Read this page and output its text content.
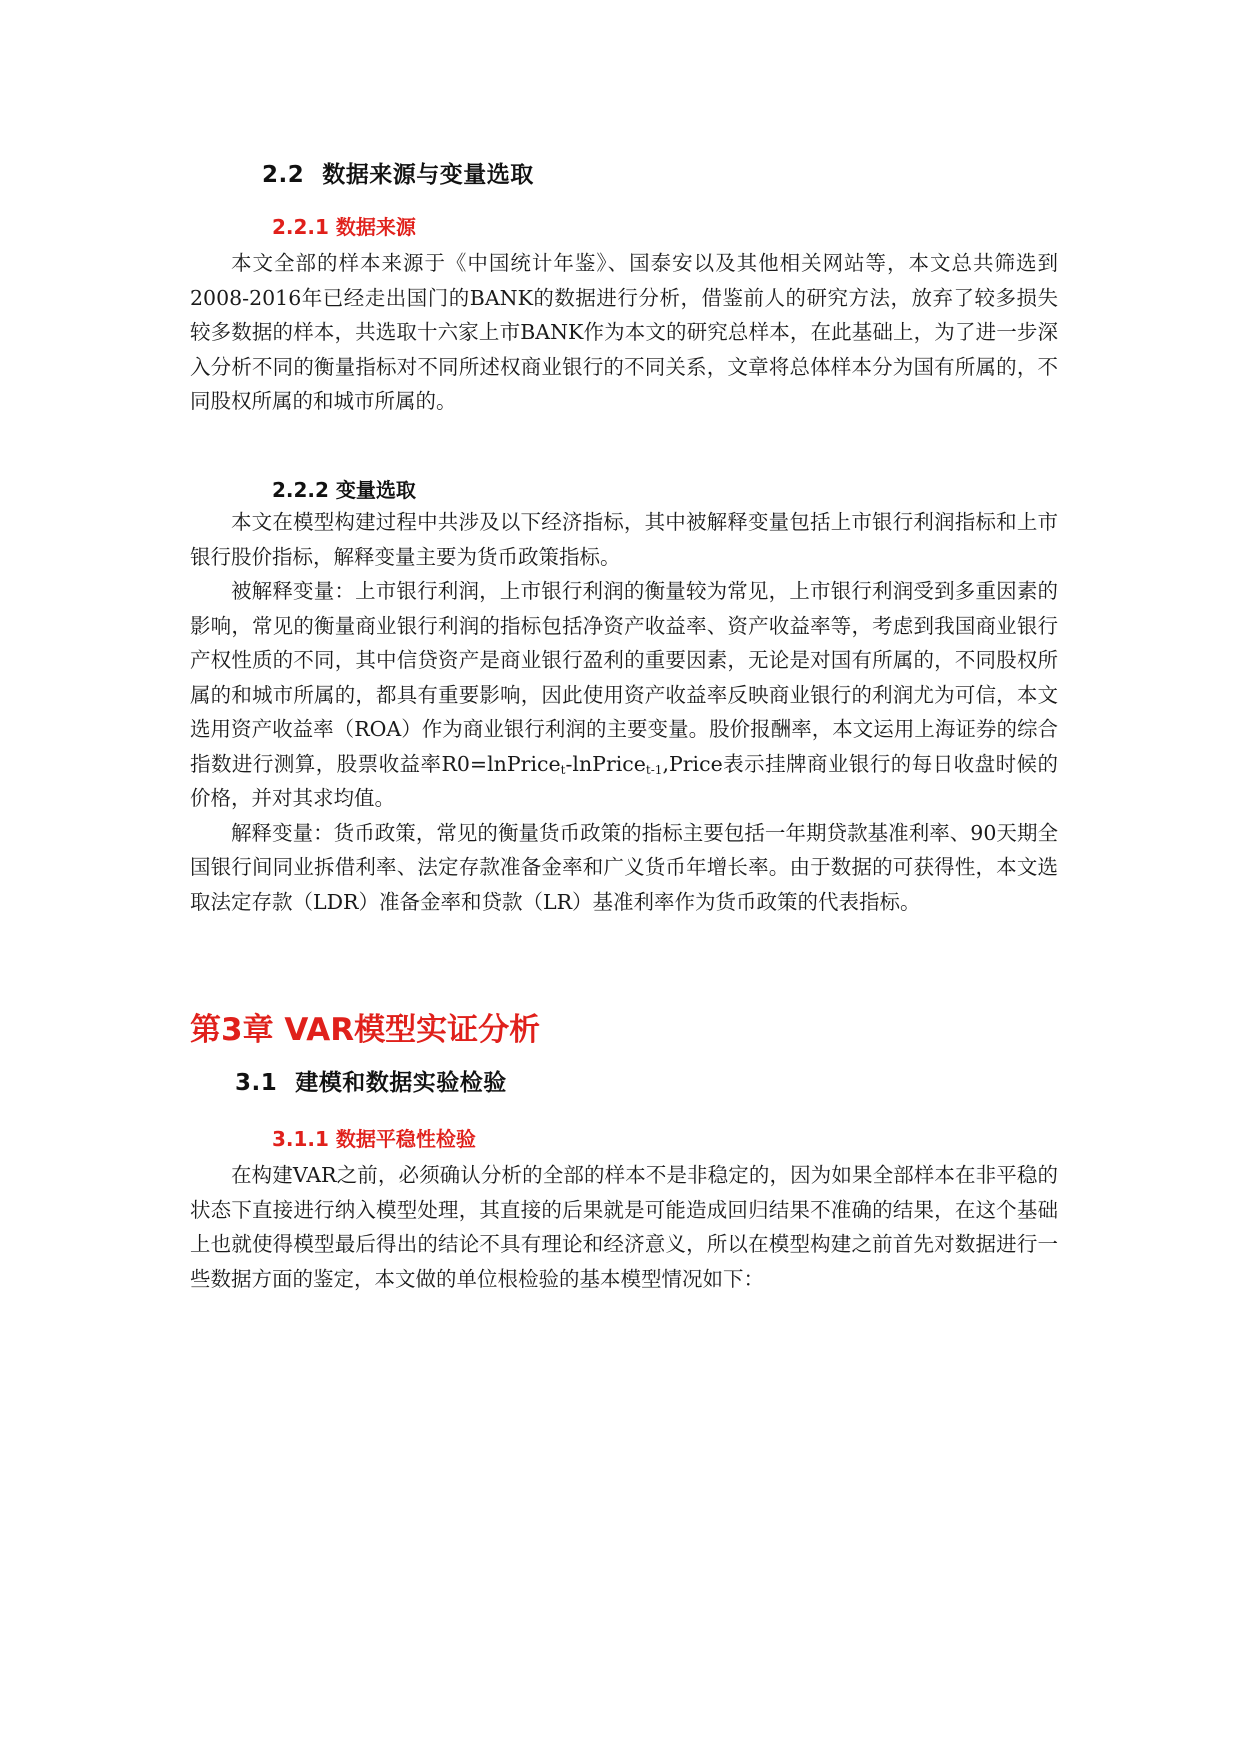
2.2 数据来源与变量选取
2.2.1 数据来源

本文全部的样本来源于《中国统计年鉴》、国泰安以及其他相关网站等，本文总共筛选到2008-2016年已经走出国门的BANK的数据进行分析，借鉴前人的研究方法，放弃了较多损失较多数据的样本，共选取十六家上市BANK作为本文的研究总样本，在此基础上，为了进一步深入分析不同的衡量指标对不同所述权商业银行的不同关系，文章将总体样本分为国有所属的，不同股权所属的和城市所属的。

2.2.2 变量选取

本文在模型构建过程中共涉及以下经济指标，其中被解释变量包括上市银行利润指标和上市银行股价指标，解释变量主要为货币政策指标。

被解释变量：上市银行利润，上市银行利润的衡量较为常见，上市银行利润受到多重因素的影响，常见的衡量商业银行利润的指标包括净资产收益率、资产收益率等，考虑到我国商业银行产权性质的不同，其中信贷资产是商业银行盈利的重要因素，无论是对国有所属的，不同股权所属的和城市所属的，都具有重要影响，因此使用资产收益率反映商业银行的利润尤为可信，本文选用资产收益率（ROA）作为商业银行利润的主要变量。股价报酬率，本文运用上海证券的综合指数进行测算，股票收益率R0=lnPrice$_t$-lnPrice$_{t-1}$,Price表示挂牌商业银行的每日收盘时候的价格，并对其求均值。

解释变量：货币政策，常见的衡量货币政策的指标主要包括一年期贷款基准利率、90天期全国银行间同业拆借利率、法定存款准备金率和广义货币年增长率。由于数据的可获得性，本文选取法定存款（LDR）准备金率和贷款（LR）基准利率作为货币政策的代表指标。

第3章 VAR模型实证分析
3.1 建模和数据实验检验
3.1.1 数据平稳性检验

在构建VAR之前，必须确认分析的全部的样本不是非稳定的，因为如果全部样本在非平稳的状态下直接进行纳入模型处理，其直接的后果就是可能造成回归结果不准确的结果，在这个基础上也就使得模型最后得出的结论不具有理论和经济意义，所以在模型构建之前首先对数据进行一些数据方面的鉴定，本文做的单位根检验的基本模型情况如下：
